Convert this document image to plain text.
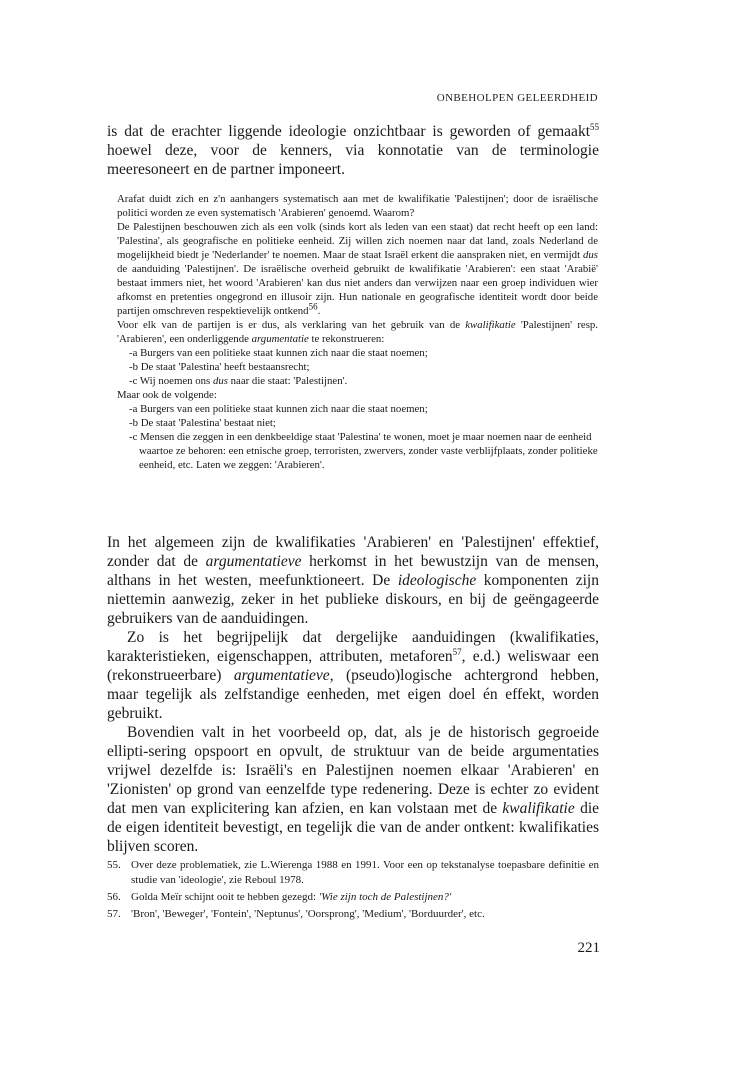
ONBEHOLPEN GELEERDHEID
is dat de erachter liggende ideologie onzichtbaar is geworden of gemaakt$^{55}$ hoewel deze, voor de kenners, via konnotatie van de terminologie meeresoneert en de partner imponeert.

Arafat duidt zich en z'n aanhangers systematisch aan met de kwalifikatie 'Palestijnen'; door de israëlische politici worden ze even systematisch 'Arabieren' genoemd. Waarom?

De Palestijnen beschouwen zich als een volk (sinds kort als leden van een staat) dat recht heeft op een land: 'Palestina', als geografische en politieke eenheid. Zij willen zich noemen naar dat land, zoals Nederland de mogelijkheid biedt je 'Nederlander' te noemen. Maar de staat Israël erkent die aanspraken niet, en vermijdt dus de aanduiding 'Palestijnen'. De israëlische overheid gebruikt de kwalifikatie 'Arabieren': een staat 'Arabië' bestaat immers niet, het woord 'Arabieren' kan dus niet anders dan verwijzen naar een groep individuen wier afkomst en pretenties ongegrond en illusoir zijn. Hun nationale en geografische identiteit wordt door beide partijen omschreven respektievelijk ontkend$^{56}$.

Voor elk van de partijen is er dus, als verklaring van het gebruik van de kwalifikatie 'Palestijnen' resp. 'Arabieren', een onderliggende argumentatie te rekonstrueren:

-a Burgers van een politieke staat kunnen zich naar die staat noemen;

-b De staat 'Palestina' heeft bestaansrecht;

-c Wij noemen ons dus naar die staat: 'Palestijnen'.

Maar ook de volgende:

-a Burgers van een politieke staat kunnen zich naar die staat noemen;

-b De staat 'Palestina' bestaat niet;

-c Mensen die zeggen in een denkbeeldige staat 'Palestina' te wonen, moet je maar noemen naar de eenheid waartoe ze behoren: een etnische groep, terroristen, zwervers, zonder vaste verblijfplaats, zonder politieke eenheid, etc. Laten we zeggen: 'Arabieren'.

In het algemeen zijn de kwalifikaties 'Arabieren' en 'Palestijnen' effektief, zonder dat de argumentatieve herkomst in het bewustzijn van de mensen, althans in het westen, meefunktioneert. De ideologische komponenten zijn niettemin aanwezig, zeker in het publieke diskours, en bij de geëngageerde gebruikers van de aanduidingen.

Zo is het begrijpelijk dat dergelijke aanduidingen (kwalifikaties, karakteristieken, eigenschappen, attributen, metaforen$^{57}$, e.d.) weliswaar een (rekonstrueerbare) argumentatieve, (pseudo)logische achtergrond hebben, maar tegelijk als zelfstandige eenheden, met eigen doel én effekt, worden gebruikt.

Bovendien valt in het voorbeeld op, dat, als je de historisch gegroeide ellipti-sering opspoort en opvult, de struktuur van de beide argumentaties vrijwel dezelfde is: Israëli's en Palestijnen noemen elkaar 'Arabieren' en 'Zionisten' op grond van eenzelfde type redenering. Deze is echter zo evident dat men van explicitering kan afzien, en kan volstaan met de kwalifikatie die de eigen identiteit bevestigt, en tegelijk die van de ander ontkent: kwalifikaties blijven scoren.

55. Over deze problematiek, zie L.Wierenga 1988 en 1991. Voor een op tekstanalyse toepasbare definitie en studie van 'ideologie', zie Reboul 1978.
56. Golda Meïr schijnt ooit te hebben gezegd: 'Wie zijn toch de Palestijnen?'
57. 'Bron', 'Beweger', 'Fontein', 'Neptunus', 'Oorsprong', 'Medium', 'Borduurder', etc.
221
